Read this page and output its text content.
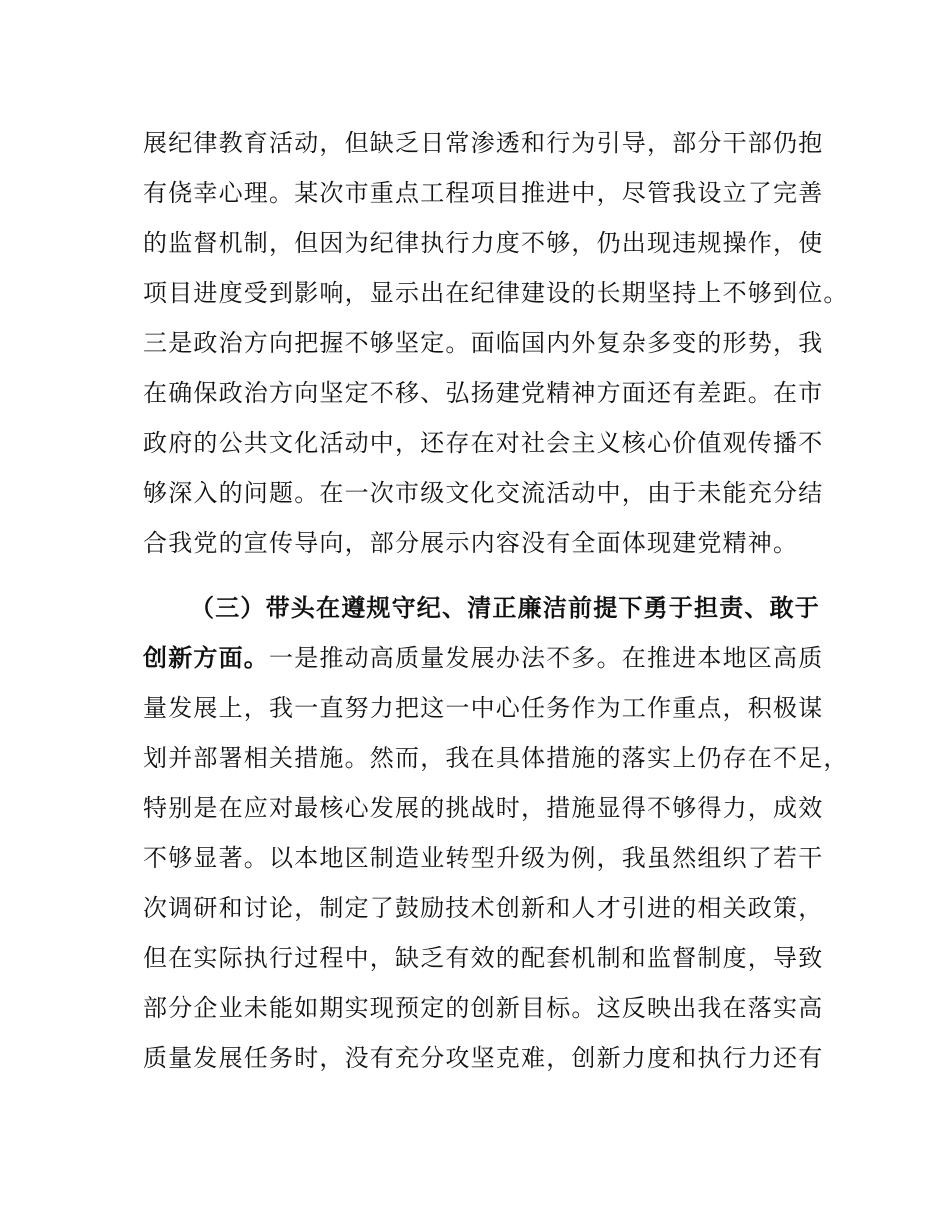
展纪律教育活动，但缺乏日常渗透和行为引导，部分干部仍抱
有侥幸心理。某次市重点工程项目推进中，尽管我设立了完善
的监督机制，但因为纪律执行力度不够，仍出现违规操作，使
项目进度受到影响，显示出在纪律建设的长期坚持上不够到位。
三是政治方向把握不够坚定。面临国内外复杂多变的形势，我
在确保政治方向坚定不移、弘扬建党精神方面还有差距。在市
政府的公共文化活动中，还存在对社会主义核心价值观传播不
够深入的问题。在一次市级文化交流活动中，由于未能充分结
合我党的宣传导向，部分展示内容没有全面体现建党精神。
（三）带头在遵规守纪、清正廉洁前提下勇于担责、敢于
创新方面。一是推动高质量发展办法不多。在推进本地区高质
量发展上，我一直努力把这一中心任务作为工作重点，积极谋
划并部署相关措施。然而，我在具体措施的落实上仍存在不足，
特别是在应对最核心发展的挑战时，措施显得不够得力，成效
不够显著。以本地区制造业转型升级为例，我虽然组织了若干
次调研和讨论，制定了鼓励技术创新和人才引进的相关政策，
但在实际执行过程中，缺乏有效的配套机制和监督制度，导致
部分企业未能如期实现预定的创新目标。这反映出我在落实高
质量发展任务时，没有充分攻坚克难，创新力度和执行力还有
